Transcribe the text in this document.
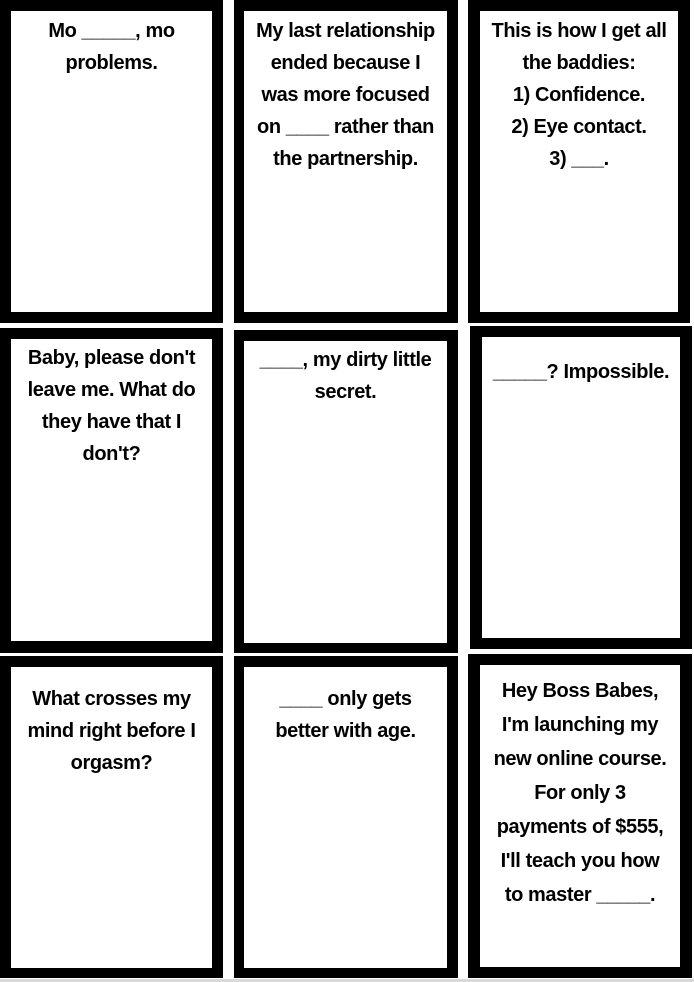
Mo _____, mo
problems.

My last relationship
ended because I
was more focused
on ____ rather than
the partnership.

This is how I get all
the baddies:
1) Confidence.
2) Eye contact.
3) ___.

Baby, please don't
leave me. What do
they have that I
don't?

____, my dirty little
secret.

_____? Impossible.

What crosses my
mind right before I
orgasm?

____ only gets
better with age.

Hey Boss Babes,
I'm launching my
new online course.
For only 3
payments of $555,
I'll teach you how
to master _____.
